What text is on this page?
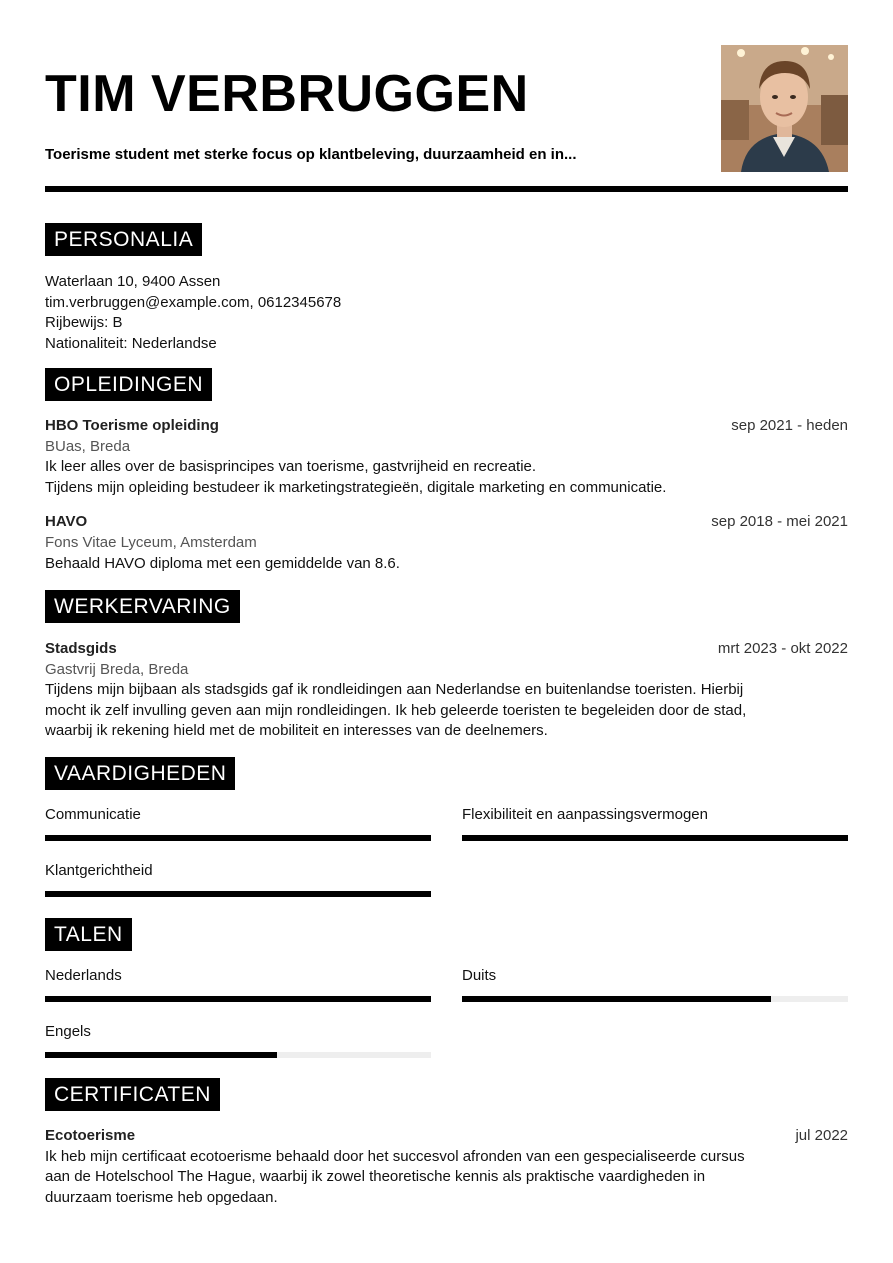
TIM VERBRUGGEN
Toerisme student met sterke focus op klantbeleving, duurzaamheid en in...
PERSONALIA
Waterlaan 10, 9400 Assen
tim.verbruggen@example.com, 0612345678
Rijbewijs: B
Nationaliteit: Nederlandse
OPLEIDINGEN
HBO Toerisme opleiding	sep 2021 - heden
BUas, Breda
Ik leer alles over de basisprincipes van toerisme, gastvrijheid en recreatie.
Tijdens mijn opleiding bestudeer ik marketingstrategieën, digitale marketing en communicatie.
HAVO	sep 2018 - mei 2021
Fons Vitae Lyceum, Amsterdam
Behaald HAVO diploma met een gemiddelde van 8.6.
WERKERVARING
Stadsgids	mrt 2023 - okt 2022
Gastvrij Breda, Breda
Tijdens mijn bijbaan als stadsgids gaf ik rondleidingen aan Nederlandse en buitenlandse toeristen. Hierbij
mocht ik zelf invulling geven aan mijn rondleidingen. Ik heb geleerde toeristen te begeleiden door de stad,
waarbij ik rekening hield met de mobiliteit en interesses van de deelnemers.
VAARDIGHEDEN
Communicatie	Flexibiliteit en aanpassingsvermogen
Klantgerichtheid
TALEN
Nederlands	Duits
Engels
CERTIFICATEN
Ecotoerisme	jul 2022
Ik heb mijn certificaat ecotoerisme behaald door het succesvol afronden van een gespecialiseerde cursus
aan de Hotelschool The Hague, waarbij ik zowel theoretische kennis als praktische vaardigheden in
duurzaam toerisme heb opgedaan.
